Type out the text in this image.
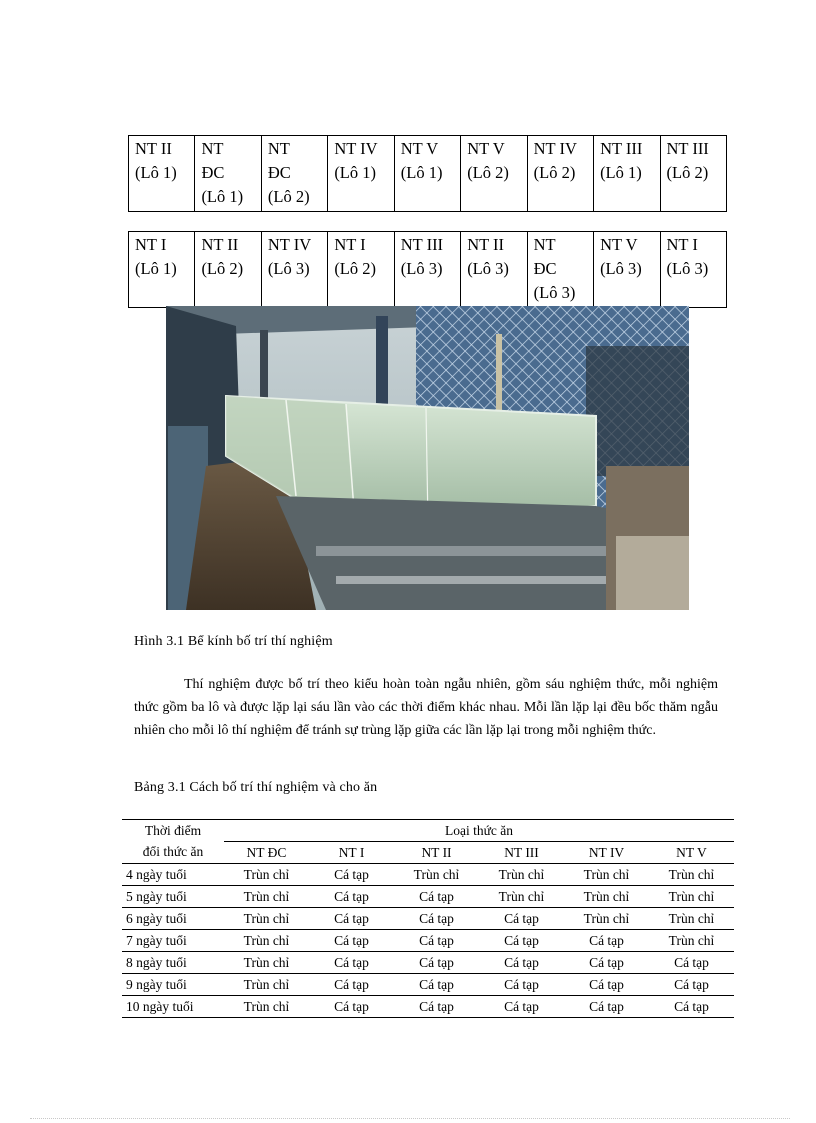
NT II
(Lô 1)

NT
ĐC
(Lô 1)

NT
ĐC
(Lô 2)

NT IV
(Lô 1)

NT V
(Lô 1)

NT V
(Lô 2)

NT IV
(Lô 2)

NT III
(Lô 1)

NT III
(Lô 2)
NT I
(Lô 1)

NT II
(Lô 2)

NT IV
(Lô 3)

NT I
(Lô 2)

NT III
(Lô 3)

NT II
(Lô 3)

NT
ĐC
(Lô 3)

NT V
(Lô 3)

NT I
(Lô 3)
Hình 3.1 Bể kính bố trí thí nghiệm

Thí nghiệm được bố trí theo kiểu hoàn toàn ngẫu nhiên, gồm sáu nghiệm thức, mỗi nghiệm thức gồm ba lô và được lặp lại sáu lần vào các thời điểm khác nhau. Mỗi lần lặp lại đều bốc thăm ngẫu nhiên cho mỗi lô thí nghiệm để tránh sự trùng lặp giữa các lần lặp lại trong mỗi nghiệm thức.

Bảng 3.1 Cách bố trí thí nghiệm và cho ăn
Thời điểm	Loại thức ăn					
đổi thức ăn	NT ĐC	NT I	NT II	NT III	NT IV	NT V
4 ngày tuổi	Trùn chỉ	Cá tạp	Trùn chỉ	Trùn chỉ	Trùn chỉ	Trùn chỉ
5 ngày tuổi	Trùn chỉ	Cá tạp	Cá tạp	Trùn chỉ	Trùn chỉ	Trùn chỉ
6 ngày tuổi	Trùn chỉ	Cá tạp	Cá tạp	Cá tạp	Trùn chỉ	Trùn chỉ
7 ngày tuổi	Trùn chỉ	Cá tạp	Cá tạp	Cá tạp	Cá tạp	Trùn chỉ
8 ngày tuổi	Trùn chỉ	Cá tạp	Cá tạp	Cá tạp	Cá tạp	Cá tạp
9 ngày tuổi	Trùn chỉ	Cá tạp	Cá tạp	Cá tạp	Cá tạp	Cá tạp
10 ngày tuổi	Trùn chỉ	Cá tạp	Cá tạp	Cá tạp	Cá tạp	Cá tạp
